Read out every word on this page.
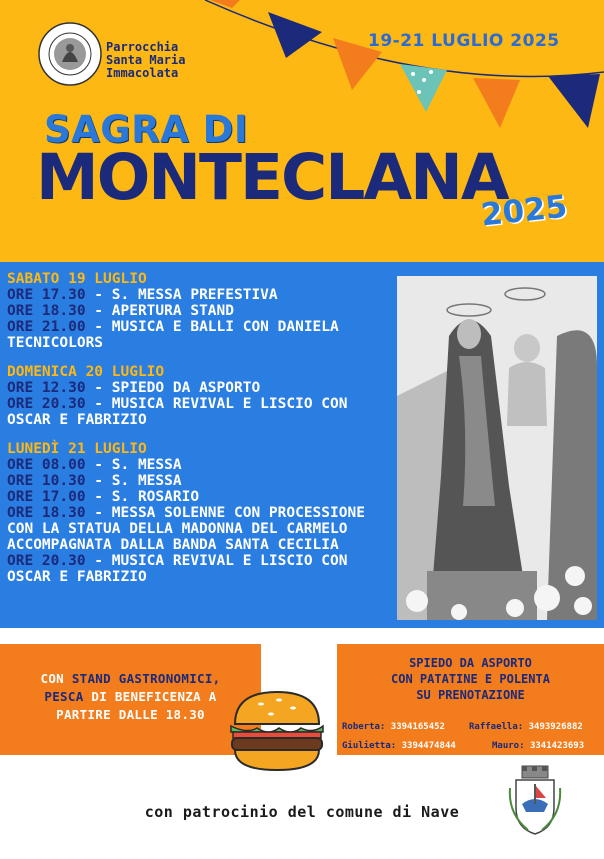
Parrocchia
Santa Maria
Immacolata
19-21 LUGLIO 2025
SAGRA DI
MONTECLANA
2025
SABATO 19 LUGLIO
ORE 17.30 - S. MESSA PREFESTIVA
ORE 18.30 - APERTURA STAND
ORE 21.00 - MUSICA E BALLI CON DANIELA TECNICOLORS
DOMENICA 20 LUGLIO
ORE 12.30 - SPIEDO DA ASPORTO
ORE 20.30 - MUSICA REVIVAL E LISCIO CON OSCAR E FABRIZIO
LUNEDÌ 21 LUGLIO
ORE 08.00 - S. MESSA
ORE 10.30 - S. MESSA
ORE 17.00 - S. ROSARIO
ORE 18.30 - MESSA SOLENNE CON PROCESSIONE CON LA STATUA DELLA MADONNA DEL CARMELO ACCOMPAGNATA DALLA BANDA SANTA CECILIA
ORE 20.30 - MUSICA REVIVAL E LISCIO CON OSCAR E FABRIZIO
CON STAND GASTRONOMICI,
PESCA DI BENEFICENZA A
PARTIRE DALLE 18.30
SPIEDO DA ASPORTO
CON PATATINE E POLENTA
SU PRENOTAZIONE
Roberta: 3394165452	Raffaella: 3493926882
Giulietta: 3394474844	Mauro: 3341423693
con patrocinio del comune di Nave
